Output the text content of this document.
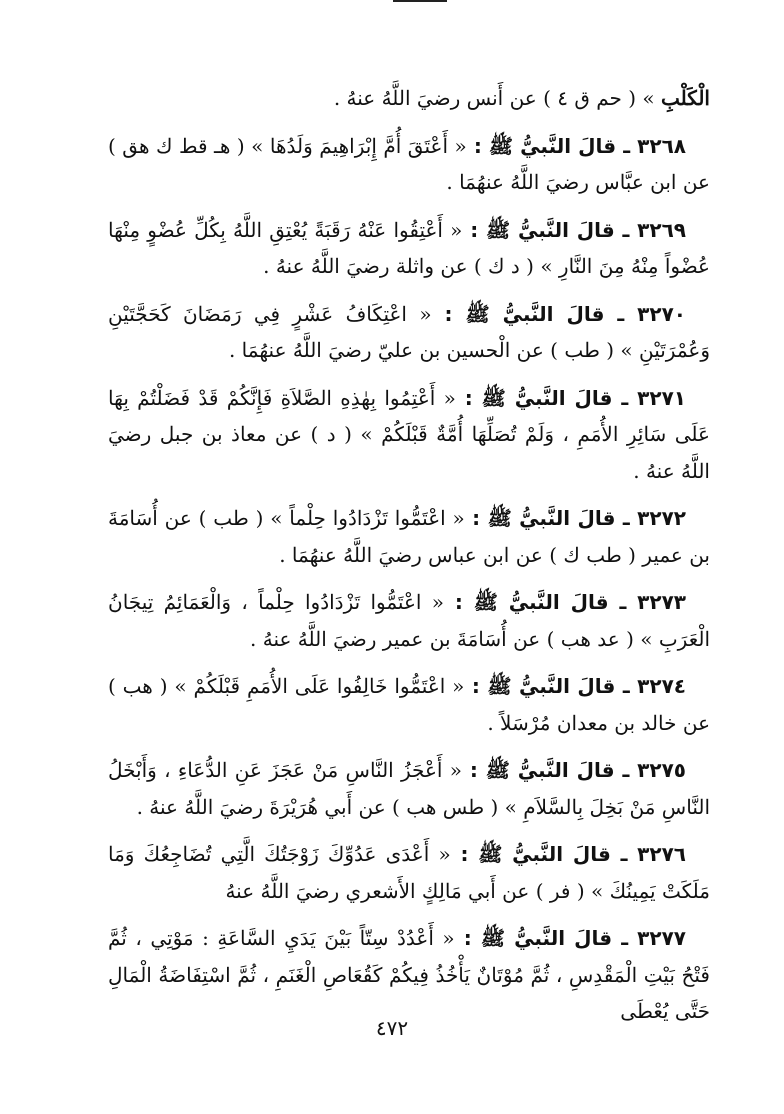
الْكَلْبِ » ( حم ق ٤ ) عن أَنس رضيَ اللَّهُ عنهُ .

٣٢٦٨ ـ قالَ النَّبيُّ ﷺ : « أَعْتَقَ أُمَّ إِبْرَاهِيمَ وَلَدُهَا » ( هـ قط ك هق ) عن ابن عبَّاس رضيَ اللَّهُ عنهُمَا .

٣٢٦٩ ـ قالَ النَّبيُّ ﷺ : « أَعْتِقُوا عَنْهُ رَقَبَةً يُعْتِقِ اللَّهُ بِكُلِّ عُضْوٍ مِنْهَا عُضْواً مِنْهُ مِنَ النَّارِ » ( د ك ) عن واثلة رضيَ اللَّهُ عنهُ .

٣٢٧٠ ـ قالَ النَّبيُّ ﷺ : « اعْتِكَافُ عَشْرٍ فِي رَمَضَانَ كَحَجَّتَيْنِ وَعُمْرَتَيْنِ » ( طب ) عن الْحسين بن عليّ رضيَ اللَّهُ عنهُمَا .

٣٢٧١ ـ قالَ النَّبيُّ ﷺ : « أَعْتِمُوا بِهٰذِهِ الصَّلاَةِ فَإِنَّكُمْ قَدْ فَضَلْتُمْ بِهَا عَلَى سَائِرِ الأُمَمِ ، وَلَمْ تُصَلِّهَا أُمَّةٌ قَبْلَكُمْ » ( د ) عن معاذ بن جبل رضيَ اللَّهُ عنهُ .

٣٢٧٢ ـ قالَ النَّبيُّ ﷺ : « اعْتَمُّوا تَزْدَادُوا حِلْماً » ( طب ) عن أُسَامَةَ بن عمير ( طب ك ) عن ابن عباس رضيَ اللَّهُ عنهُمَا .

٣٢٧٣ ـ قالَ النَّبيُّ ﷺ : « اعْتَمُّوا تَزْدَادُوا حِلْماً ، وَالْعَمَائِمُ تِيجَانُ الْعَرَبِ » ( عد هب ) عن أُسَامَةَ بن عمير رضيَ اللَّهُ عنهُ .

٣٢٧٤ ـ قالَ النَّبيُّ ﷺ : « اعْتَمُّوا خَالِفُوا عَلَى الأُمَمِ قَبْلَكُمْ » ( هب ) عن خالد بن معدان مُرْسَلاً .

٣٢٧٥ ـ قالَ النَّبيُّ ﷺ : « أَعْجَزُ النَّاسِ مَنْ عَجَزَ عَنِ الدُّعَاءِ ، وَأَبْخَلُ النَّاسِ مَنْ بَخِلَ بِالسَّلاَمِ » ( طس هب ) عن أَبي هُرَيْرَةَ رضيَ اللَّهُ عنهُ .

٣٢٧٦ ـ قالَ النَّبيُّ ﷺ : « أَعْدَى عَدُوِّكَ زَوْجَتُكَ الَّتِي تُضَاجِعُكَ وَمَا مَلَكَتْ يَمِينُكَ » ( فر ) عن أَبي مَالِكٍ الأَشعري رضيَ اللَّهُ عنهُ

٣٢٧٧ ـ قالَ النَّبيُّ ﷺ : « أَعْدُدْ سِتّاً بَيْنَ يَدَيِ السَّاعَةِ : مَوْتِي ، ثُمَّ فَتْحُ بَيْتِ الْمَقْدِسِ ، ثُمَّ مُوْتَانٌ يَأْخُذُ فِيكُمْ كَقُعَاصِ الْغَنَمِ ، ثُمَّ اسْتِفَاضَةُ الْمَالِ حَتَّى يُعْطَى

٤٧٢
